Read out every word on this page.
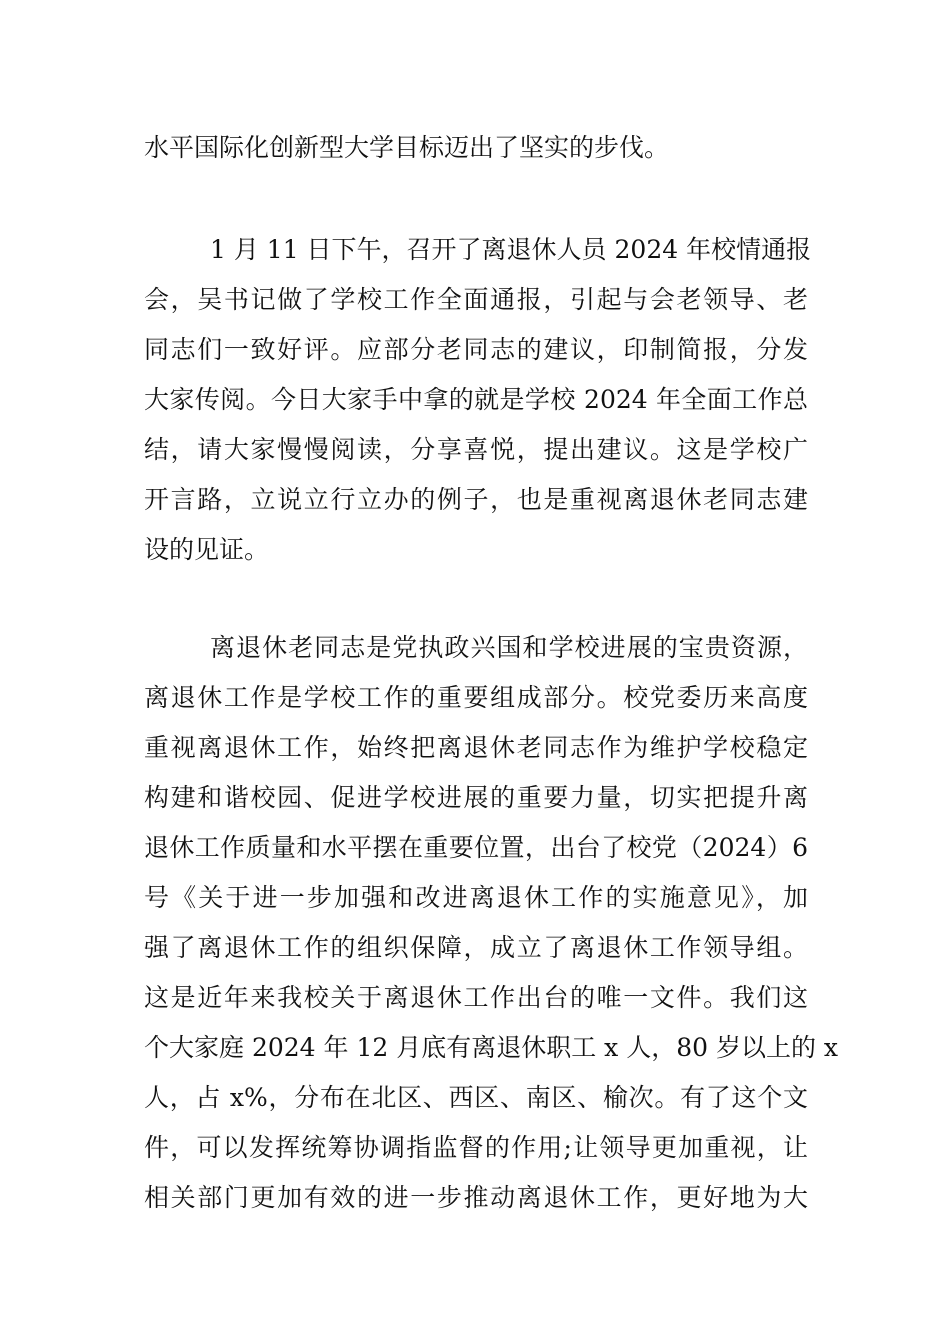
水平国际化创新型大学目标迈出了坚实的步伐。
1 月 11 日下午，召开了离退休人员 2024 年校情通报
会，吴书记做了学校工作全面通报，引起与会老领导、老
同志们一致好评。应部分老同志的建议，印制简报，分发
大家传阅。今日大家手中拿的就是学校 2024 年全面工作总
结，请大家慢慢阅读，分享喜悦，提出建议。这是学校广
开言路，立说立行立办的例子，也是重视离退休老同志建
设的见证。
离退休老同志是党执政兴国和学校进展的宝贵资源，
离退休工作是学校工作的重要组成部分。校党委历来高度
重视离退休工作，始终把离退休老同志作为维护学校稳定
构建和谐校园、促进学校进展的重要力量，切实把提升离
退休工作质量和水平摆在重要位置，出台了校党（2024）6
号《关于进一步加强和改进离退休工作的实施意见》，加
强了离退休工作的组织保障，成立了离退休工作领导组。
这是近年来我校关于离退休工作出台的唯一文件。我们这
个大家庭 2024 年 12 月底有离退休职工 x 人，80 岁以上的 x
人，占 x%，分布在北区、西区、南区、榆次。有了这个文
件，可以发挥统筹协调指监督的作用;让领导更加重视，让
相关部门更加有效的进一步推动离退休工作，更好地为大
